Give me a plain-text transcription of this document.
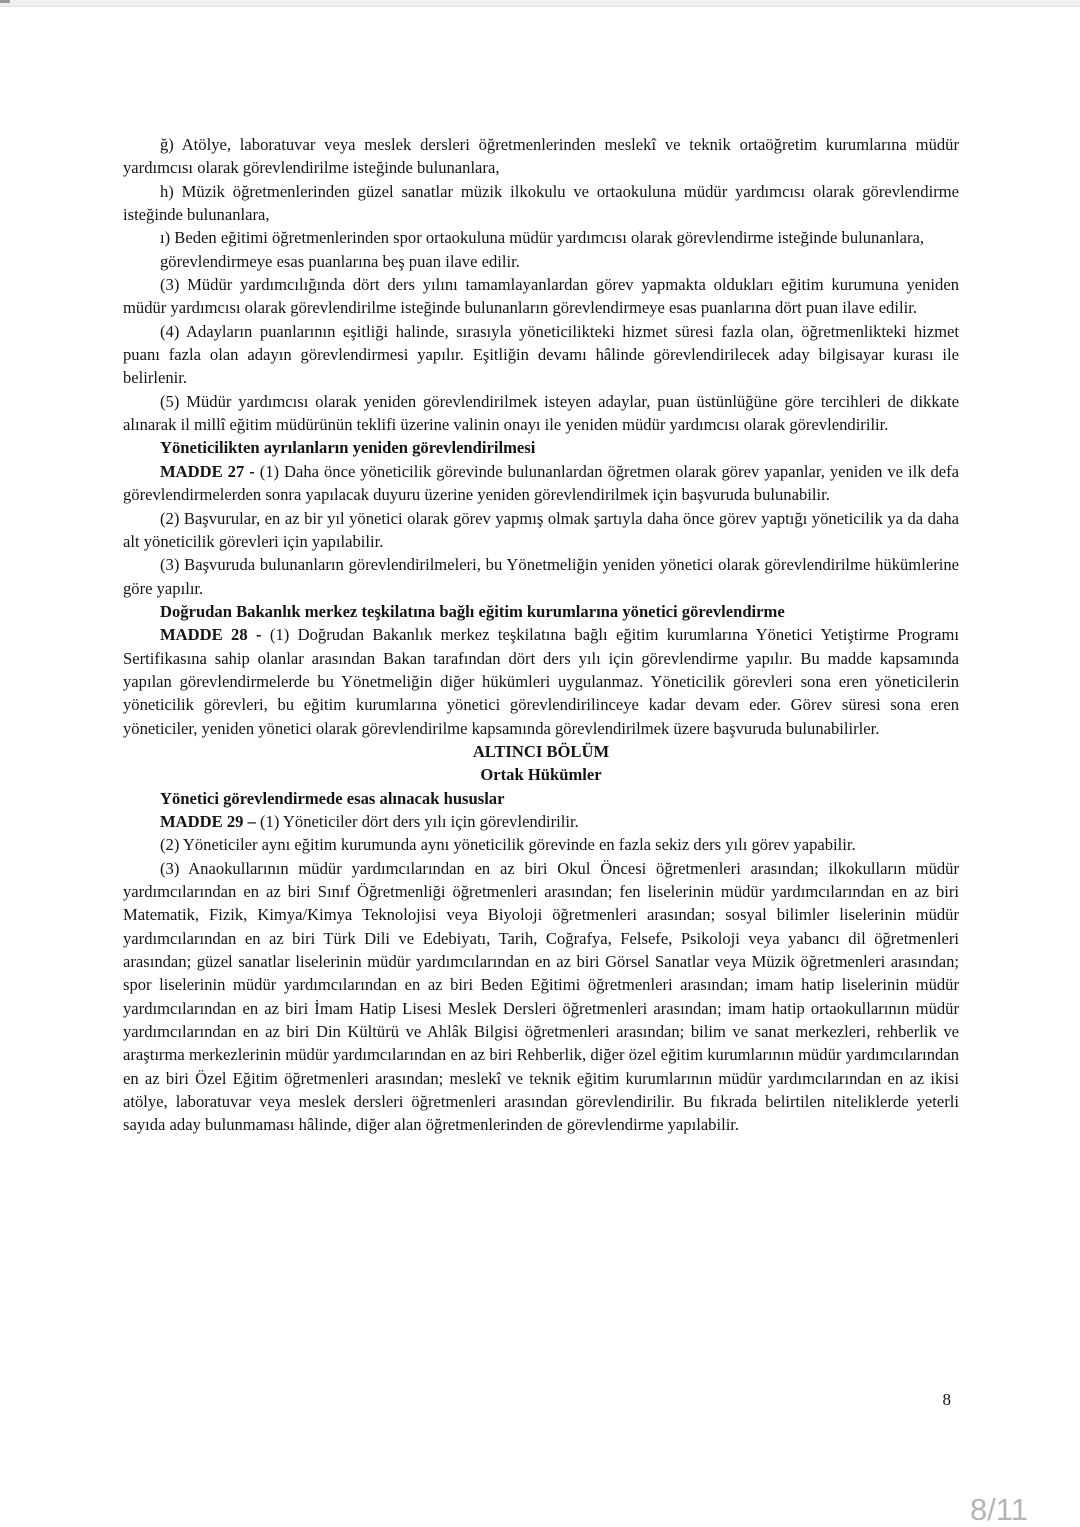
ğ) Atölye, laboratuvar veya meslek dersleri öğretmenlerinden meslekî ve teknik ortaöğretim kurumlarına müdür yardımcısı olarak görevlendirilme isteğinde bulunanlara,

h) Müzik öğretmenlerinden güzel sanatlar müzik ilkokulu ve ortaokuluna müdür yardımcısı olarak görevlendirme isteğinde bulunanlara,

ı) Beden eğitimi öğretmenlerinden spor ortaokuluna müdür yardımcısı olarak görevlendirme isteğinde bulunanlara,

görevlendirmeye esas puanlarına beş puan ilave edilir.

(3) Müdür yardımcılığında dört ders yılını tamamlayanlardan görev yapmakta oldukları eğitim kurumuna yeniden müdür yardımcısı olarak görevlendirilme isteğinde bulunanların görevlendirmeye esas puanlarına dört puan ilave edilir.

(4) Adayların puanlarının eşitliği halinde, sırasıyla yöneticilikteki hizmet süresi fazla olan, öğretmenlikteki hizmet puanı fazla olan adayın görevlendirmesi yapılır. Eşitliğin devamı hâlinde görevlendirilecek aday bilgisayar kurası ile belirlenir.

(5) Müdür yardımcısı olarak yeniden görevlendirilmek isteyen adaylar, puan üstünlüğüne göre tercihleri de dikkate alınarak il millî eğitim müdürünün teklifi üzerine valinin onayı ile yeniden müdür yardımcısı olarak görevlendirilir.

Yöneticilikten ayrılanların yeniden görevlendirilmesi

MADDE 27 - (1) Daha önce yöneticilik görevinde bulunanlardan öğretmen olarak görev yapanlar, yeniden ve ilk defa görevlendirmelerden sonra yapılacak duyuru üzerine yeniden görevlendirilmek için başvuruda bulunabilir.

(2) Başvurular, en az bir yıl yönetici olarak görev yapmış olmak şartıyla daha önce görev yaptığı yöneticilik ya da daha alt yöneticilik görevleri için yapılabilir.

(3) Başvuruda bulunanların görevlendirilmeleri, bu Yönetmeliğin yeniden yönetici olarak görevlendirilme hükümlerine göre yapılır.

Doğrudan Bakanlık merkez teşkilatına bağlı eğitim kurumlarına yönetici görevlendirme

MADDE 28 - (1) Doğrudan Bakanlık merkez teşkilatına bağlı eğitim kurumlarına Yönetici Yetiştirme Programı Sertifikasına sahip olanlar arasından Bakan tarafından dört ders yılı için görevlendirme yapılır. Bu madde kapsamında yapılan görevlendirmelerde bu Yönetmeliğin diğer hükümleri uygulanmaz. Yöneticilik görevleri sona eren yöneticilerin yöneticilik görevleri, bu eğitim kurumlarına yönetici görevlendirilinceye kadar devam eder. Görev süresi sona eren yöneticiler, yeniden yönetici olarak görevlendirilme kapsamında görevlendirilmek üzere başvuruda bulunabilirler.

ALTINCI BÖLÜM

Ortak Hükümler

Yönetici görevlendirmede esas alınacak hususlar

MADDE 29 – (1) Yöneticiler dört ders yılı için görevlendirilir.

(2) Yöneticiler aynı eğitim kurumunda aynı yöneticilik görevinde en fazla sekiz ders yılı görev yapabilir.

(3) Anaokullarının müdür yardımcılarından en az biri Okul Öncesi öğretmenleri arasından; ilkokulların müdür yardımcılarından en az biri Sınıf Öğretmenliği öğretmenleri arasından; fen liselerinin müdür yardımcılarından en az biri Matematik, Fizik, Kimya/Kimya Teknolojisi veya Biyoloji öğretmenleri arasından; sosyal bilimler liselerinin müdür yardımcılarından en az biri Türk Dili ve Edebiyatı, Tarih, Coğrafya, Felsefe, Psikoloji veya yabancı dil öğretmenleri arasından; güzel sanatlar liselerinin müdür yardımcılarından en az biri Görsel Sanatlar veya Müzik öğretmenleri arasından; spor liselerinin müdür yardımcılarından en az biri Beden Eğitimi öğretmenleri arasından; imam hatip liselerinin müdür yardımcılarından en az biri İmam Hatip Lisesi Meslek Dersleri öğretmenleri arasından; imam hatip ortaokullarının müdür yardımcılarından en az biri Din Kültürü ve Ahlâk Bilgisi öğretmenleri arasından; bilim ve sanat merkezleri, rehberlik ve araştırma merkezlerinin müdür yardımcılarından en az biri Rehberlik, diğer özel eğitim kurumlarının müdür yardımcılarından en az biri Özel Eğitim öğretmenleri arasından; meslekî ve teknik eğitim kurumlarının müdür yardımcılarından en az ikisi atölye, laboratuvar veya meslek dersleri öğretmenleri arasından görevlendirilir. Bu fıkrada belirtilen niteliklerde yeterli sayıda aday bulunmaması hâlinde, diğer alan öğretmenlerinden de görevlendirme yapılabilir.

8
8/11
